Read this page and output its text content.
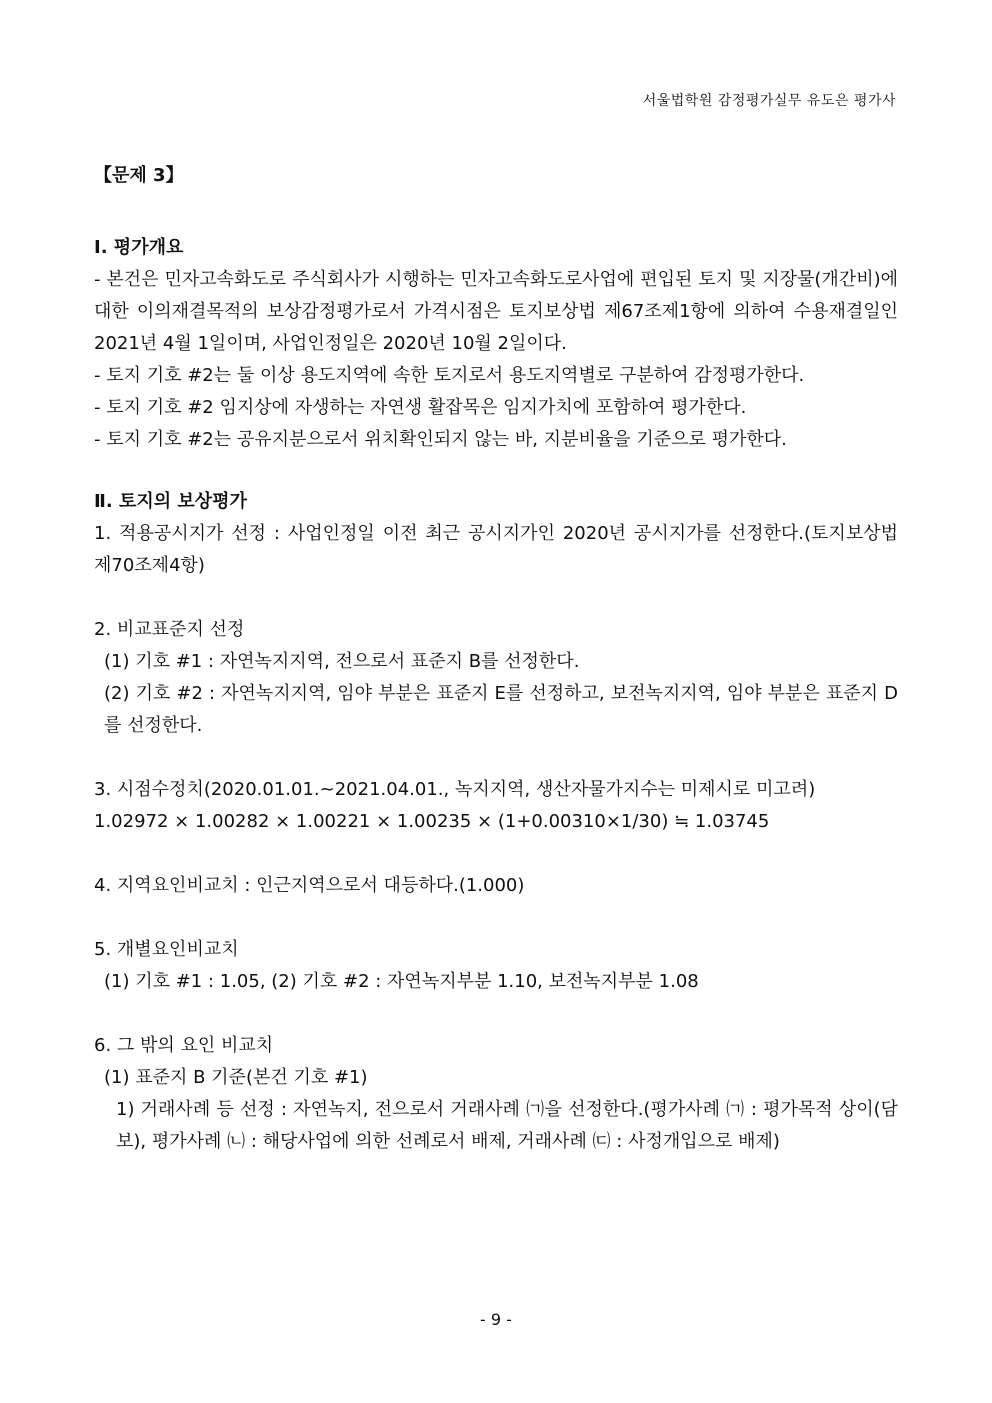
서울법학원 감정평가실무 유도은 평가사

【문제 3】

Ⅰ. 평가개요

- 본건은 민자고속화도로 주식회사가 시행하는 민자고속화도로사업에 편입된 토지 및 지장물(개간비)에 대한 이의재결목적의 보상감정평가로서 가격시점은 토지보상법 제67조제1항에 의하여 수용재결일인 2021년 4월 1일이며, 사업인정일은 2020년 10월 2일이다.

- 토지 기호 #2는 둘 이상 용도지역에 속한 토지로서 용도지역별로 구분하여 감정평가한다.

- 토지 기호 #2 임지상에 자생하는 자연생 활잡목은 임지가치에 포함하여 평가한다.

- 토지 기호 #2는 공유지분으로서 위치확인되지 않는 바, 지분비율을 기준으로 평가한다.

Ⅱ. 토지의 보상평가

1. 적용공시지가 선정 : 사업인정일 이전 최근 공시지가인 2020년 공시지가를 선정한다.(토지보상법 제70조제4항)

2. 비교표준지 선정

(1) 기호 #1 : 자연녹지지역, 전으로서 표준지 B를 선정한다.

(2) 기호 #2 : 자연녹지지역, 임야 부분은 표준지 E를 선정하고, 보전녹지지역, 임야 부분은 표준지 D를 선정한다.

3. 시점수정치(2020.01.01.~2021.04.01., 녹지지역, 생산자물가지수는 미제시로 미고려)

1.02972 × 1.00282 × 1.00221 × 1.00235 × (1+0.00310×1/30) ≒ 1.03745

4. 지역요인비교치 : 인근지역으로서 대등하다.(1.000)

5. 개별요인비교치

(1) 기호 #1 : 1.05, (2) 기호 #2 : 자연녹지부분 1.10, 보전녹지부분 1.08

6. 그 밖의 요인 비교치

(1) 표준지 B 기준(본건 기호 #1)

1) 거래사례 등 선정 : 자연녹지, 전으로서 거래사례 ㈀을 선정한다.(평가사례 ㈀ : 평가목적 상이(담보), 평가사례 ㈁ : 해당사업에 의한 선례로서 배제, 거래사례 ㈂ : 사정개입으로 배제)

- 9 -
